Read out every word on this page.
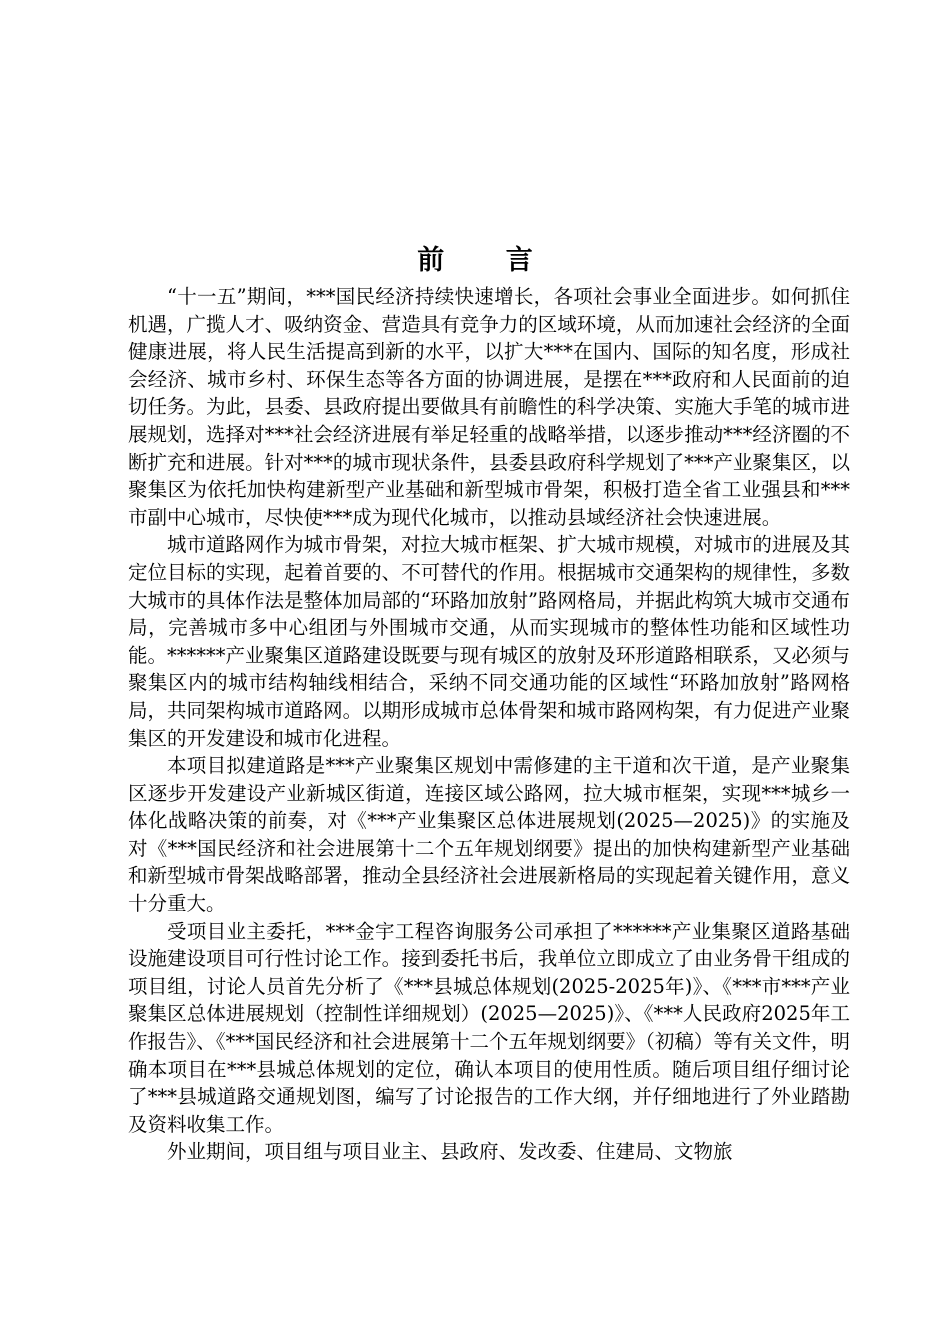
前 言

“十一五”期间，***国民经济持续快速增长，各项社会事业全面进步。如何抓住机遇，广揽人才、吸纳资金、营造具有竞争力的区域环境，从而加速社会经济的全面健康进展，将人民生活提高到新的水平，以扩大***在国内、国际的知名度，形成社会经济、城市乡村、环保生态等各方面的协调进展，是摆在***政府和人民面前的迫切任务。为此，县委、县政府提出要做具有前瞻性的科学决策、实施大手笔的城市进展规划，选择对***社会经济进展有举足轻重的战略举措，以逐步推动***经济圈的不断扩充和进展。针对***的城市现状条件，县委县政府科学规划了***产业聚集区，以聚集区为依托加快构建新型产业基础和新型城市骨架，积极打造全省工业强县和***市副中心城市，尽快使***成为现代化城市，以推动县域经济社会快速进展。

城市道路网作为城市骨架，对拉大城市框架、扩大城市规模，对城市的进展及其定位目标的实现，起着首要的、不可替代的作用。根据城市交通架构的规律性，多数大城市的具体作法是整体加局部的“环路加放射”路网格局，并据此构筑大城市交通布局，完善城市多中心组团与外围城市交通，从而实现城市的整体性功能和区域性功能。******产业聚集区道路建设既要与现有城区的放射及环形道路相联系，又必须与聚集区内的城市结构轴线相结合，采纳不同交通功能的区域性“环路加放射”路网格局，共同架构城市道路网。以期形成城市总体骨架和城市路网构架，有力促进产业聚集区的开发建设和城市化进程。

本项目拟建道路是***产业聚集区规划中需修建的主干道和次干道，是产业聚集区逐步开发建设产业新城区街道，连接区域公路网，拉大城市框架，实现***城乡一体化战略决策的前奏，对《***产业集聚区总体进展规划(2025—2025)》的实施及对《***国民经济和社会进展第十二个五年规划纲要》提出的加快构建新型产业基础和新型城市骨架战略部署，推动全县经济社会进展新格局的实现起着关键作用，意义十分重大。

受项目业主委托，***金宇工程咨询服务公司承担了******产业集聚区道路基础设施建设项目可行性讨论工作。接到委托书后，我单位立即成立了由业务骨干组成的项目组，讨论人员首先分析了《***县城总体规划(2025-2025年)》、《***市***产业聚集区总体进展规划（控制性详细规划）(2025—2025)》、《***人民政府2025年工作报告》、《***国民经济和社会进展第十二个五年规划纲要》（初稿）等有关文件，明确本项目在***县城总体规划的定位，确认本项目的使用性质。随后项目组仔细讨论了***县城道路交通规划图，编写了讨论报告的工作大纲，并仔细地进行了外业踏勘及资料收集工作。

外业期间，项目组与项目业主、县政府、发改委、住建局、文物旅
